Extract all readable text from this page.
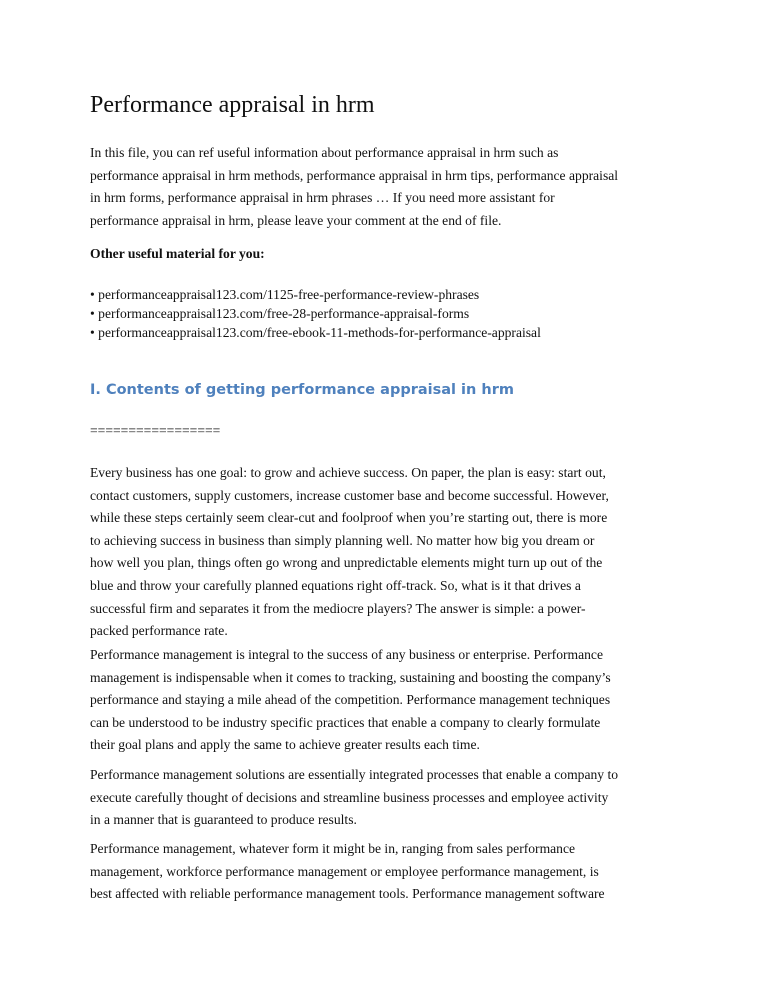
Performance appraisal in hrm

In this file, you can ref useful information about performance appraisal in hrm such as
performance appraisal in hrm methods, performance appraisal in hrm tips, performance appraisal
in hrm forms, performance appraisal in hrm phrases … If you need more assistant for
performance appraisal in hrm, please leave your comment at the end of file.

Other useful material for you:

• performanceappraisal123.com/1125-free-performance-review-phrases
• performanceappraisal123.com/free-28-performance-appraisal-forms
• performanceappraisal123.com/free-ebook-11-methods-for-performance-appraisal

I. Contents of getting performance appraisal in hrm
=================

Every business has one goal: to grow and achieve success. On paper, the plan is easy: start out,
contact customers, supply customers, increase customer base and become successful. However,
while these steps certainly seem clear-cut and foolproof when you’re starting out, there is more
to achieving success in business than simply planning well. No matter how big you dream or
how well you plan, things often go wrong and unpredictable elements might turn up out of the
blue and throw your carefully planned equations right off-track. So, what is it that drives a
successful firm and separates it from the mediocre players? The answer is simple: a power-
packed performance rate.

Performance management is integral to the success of any business or enterprise. Performance
management is indispensable when it comes to tracking, sustaining and boosting the company’s
performance and staying a mile ahead of the competition. Performance management techniques
can be understood to be industry specific practices that enable a company to clearly formulate
their goal plans and apply the same to achieve greater results each time.

Performance management solutions are essentially integrated processes that enable a company to
execute carefully thought of decisions and streamline business processes and employee activity
in a manner that is guaranteed to produce results.

Performance management, whatever form it might be in, ranging from sales performance
management, workforce performance management or employee performance management, is
best affected with reliable performance management tools. Performance management software
